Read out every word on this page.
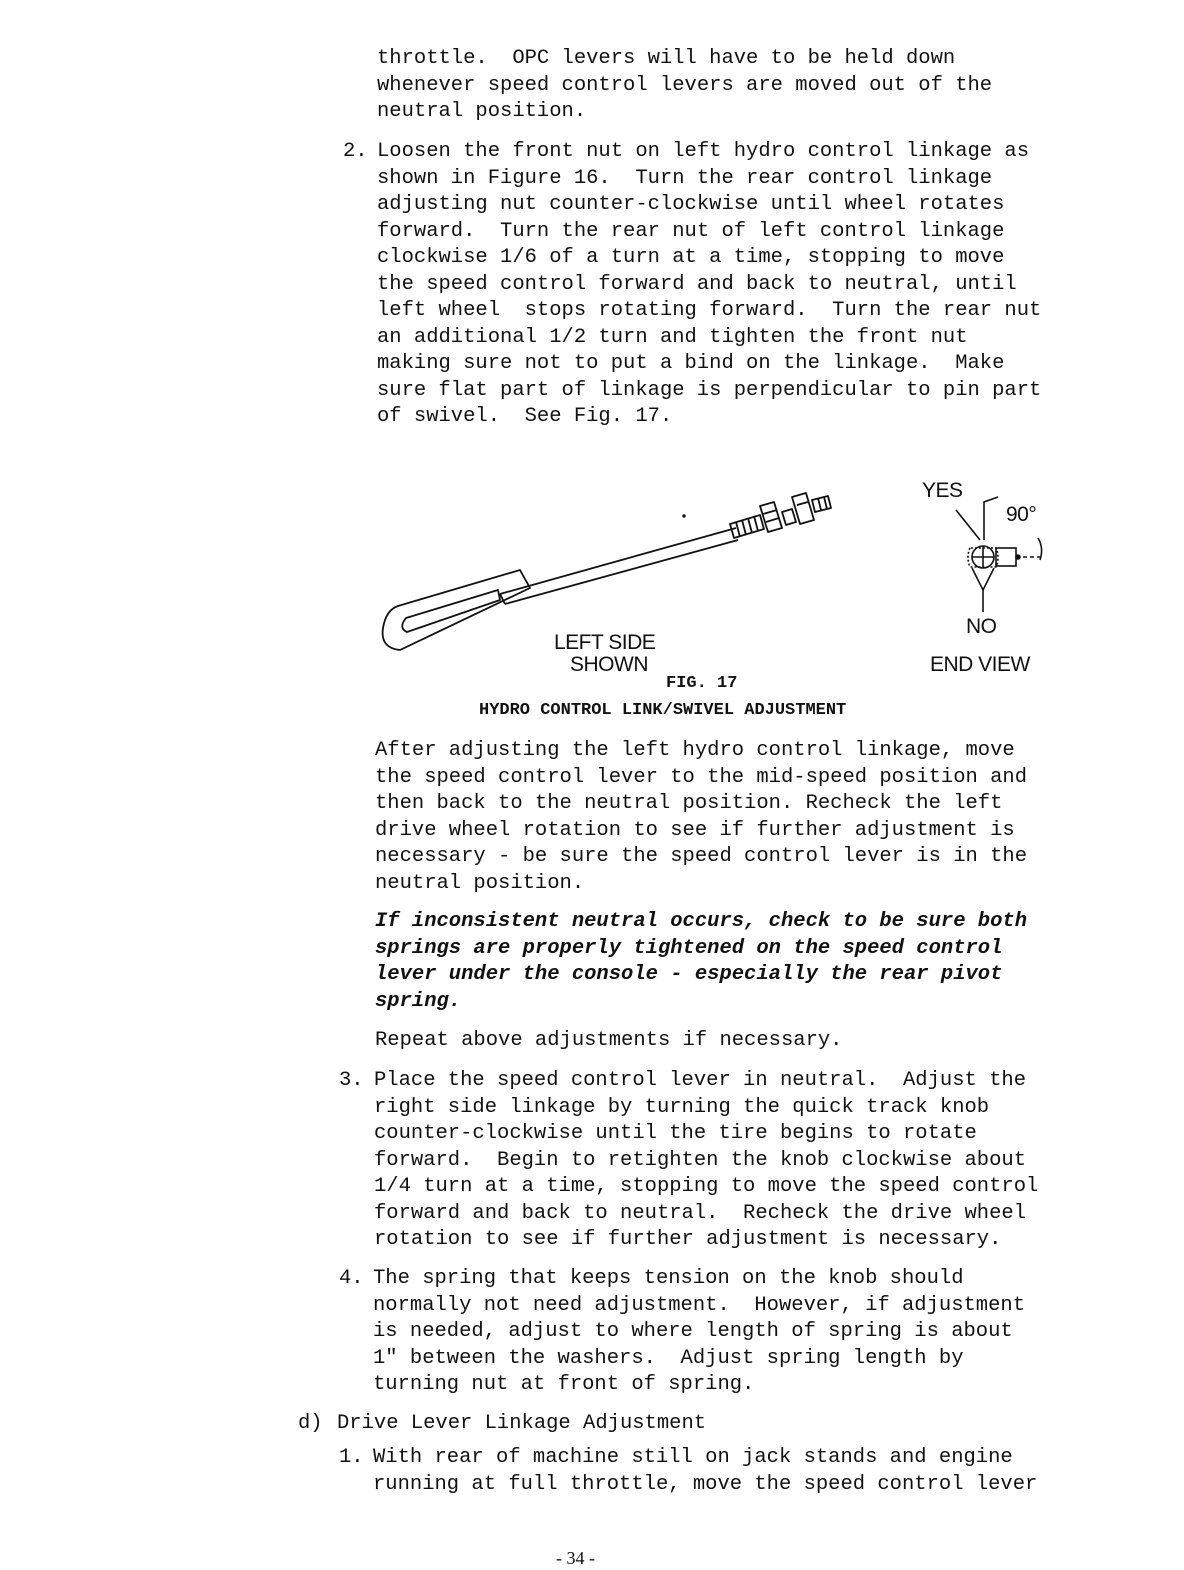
throttle.  OPC levers will have to be held down
whenever speed control levers are moved out of the
neutral position.
2. Loosen the front nut on left hydro control linkage as
shown in Figure 16.  Turn the rear control linkage
adjusting nut counter-clockwise until wheel rotates
forward.  Turn the rear nut of left control linkage
clockwise 1/6 of a turn at a time, stopping to move
the speed control forward and back to neutral, until
left wheel  stops rotating forward.  Turn the rear nut
an additional 1/2 turn and tighten the front nut
making sure not to put a bind on the linkage.  Make
sure flat part of linkage is perpendicular to pin part
of swivel.  See Fig. 17.
YES
90°
NO
END VIEW
LEFT SIDE
SHOWN
FIG. 17
HYDRO CONTROL LINK/SWIVEL ADJUSTMENT
After adjusting the left hydro control linkage, move
the speed control lever to the mid-speed position and
then back to the neutral position. Recheck the left
drive wheel rotation to see if further adjustment is
necessary - be sure the speed control lever is in the
neutral position.
If inconsistent neutral occurs, check to be sure both
springs are properly tightened on the speed control
lever under the console - especially the rear pivot
spring.
Repeat above adjustments if necessary.
3. Place the speed control lever in neutral.  Adjust the
right side linkage by turning the quick track knob
counter-clockwise until the tire begins to rotate
forward.  Begin to retighten the knob clockwise about
1/4 turn at a time, stopping to move the speed control
forward and back to neutral.  Recheck the drive wheel
rotation to see if further adjustment is necessary.
4. The spring that keeps tension on the knob should
normally not need adjustment.  However, if adjustment
is needed, adjust to where length of spring is about
1" between the washers.  Adjust spring length by
turning nut at front of spring.
d) Drive Lever Linkage Adjustment
1. With rear of machine still on jack stands and engine
running at full throttle, move the speed control lever
- 34 -
